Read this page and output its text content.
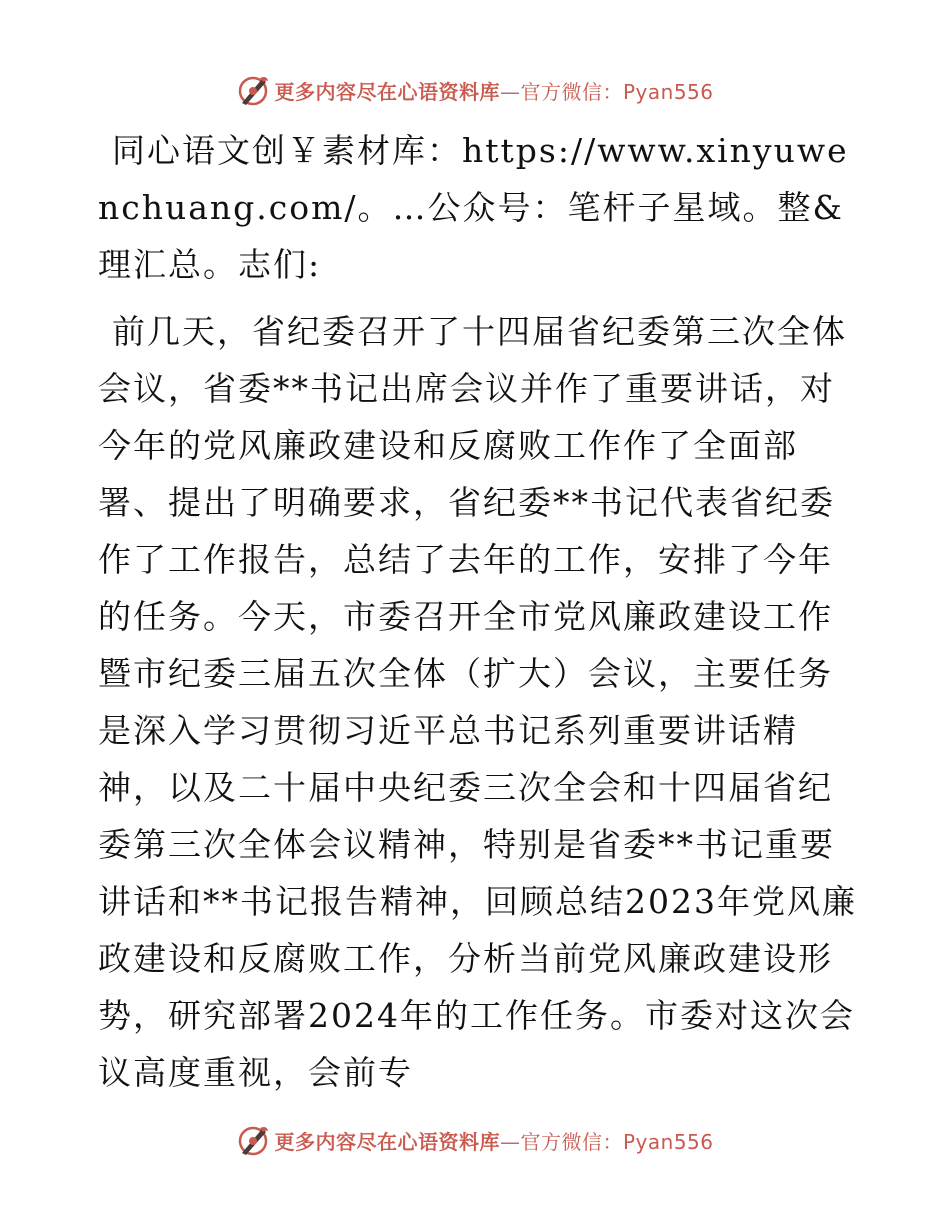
更多内容尽在心语资料库—官方微信：Pyan556

同心语文创￥素材库：https://www.xinyuwenchuang.com/。…公众号：笔杆子星域。整&理汇总。志们:

前几天，省纪委召开了十四届省纪委第三次全体会议，省委**书记出席会议并作了重要讲话，对今年的党风廉政建设和反腐败工作作了全面部署、提出了明确要求，省纪委**书记代表省纪委作了工作报告，总结了去年的工作，安排了今年的任务。今天，市委召开全市党风廉政建设工作暨市纪委三届五次全体（扩大）会议，主要任务是深入学习贯彻习近平总书记系列重要讲话精神，以及二十届中央纪委三次全会和十四届省纪委第三次全体会议精神，特别是省委**书记重要讲话和**书记报告精神，回顾总结2023年党风廉政建设和反腐败工作，分析当前党风廉政建设形势，研究部署2024年的工作任务。市委对这次会议高度重视，会前专

更多内容尽在心语资料库—官方微信：Pyan556
